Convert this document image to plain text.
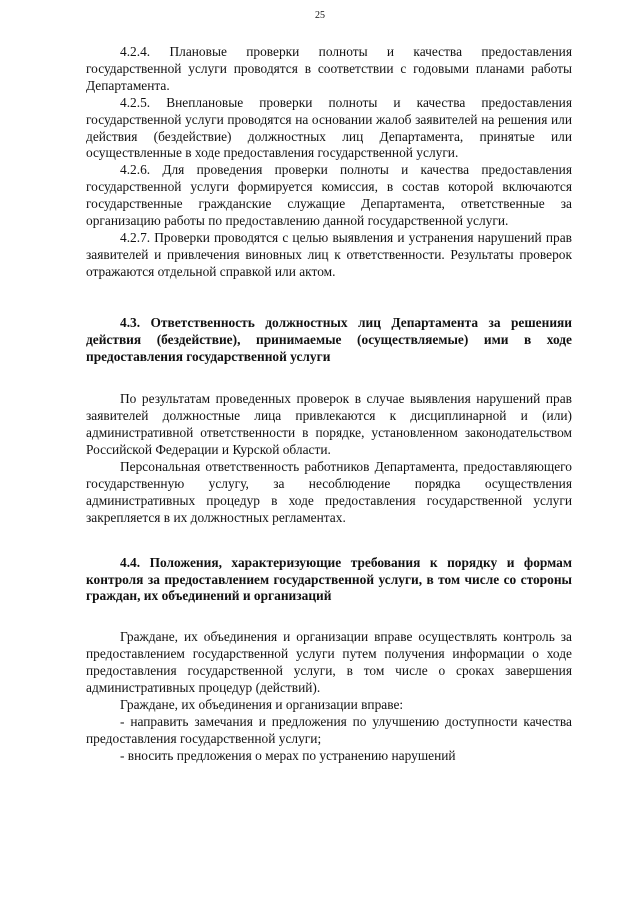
25

4.2.4. Плановые проверки полноты и качества предоставления государственной услуги проводятся в соответствии с годовыми планами работы Департамента.

4.2.5. Внеплановые проверки полноты и качества предоставления государственной услуги проводятся на основании жалоб заявителей на решения или действия (бездействие) должностных лиц Департамента, принятые или осуществленные в ходе предоставления государственной услуги.

4.2.6. Для проведения проверки полноты и качества предоставления государственной услуги формируется комиссия, в состав которой включаются государственные гражданские служащие Департамента, ответственные за организацию работы по предоставлению данной государственной услуги.

4.2.7. Проверки проводятся с целью выявления и устранения нарушений прав заявителей и привлечения виновных лиц к ответственности. Результаты проверок отражаются отдельной справкой или актом.

4.3. Ответственность должностных лиц Департамента за решенияи действия (бездействие), принимаемые (осуществляемые) ими в ходе предоставления государственной услуги

По результатам проведенных проверок в случае выявления нарушений прав заявителей должностные лица привлекаются к дисциплинарной и (или) административной ответственности в порядке, установленном законодательством Российской Федерации и Курской области.

Персональная ответственность работников Департамента, предоставляющего государственную услугу, за несоблюдение порядка осуществления административных процедур в ходе предоставления государственной услуги закрепляется в их должностных регламентах.

4.4. Положения, характеризующие требования к порядку и формам контроля за предоставлением государственной услуги, в том числе со стороны граждан, их объединений и организаций

Граждане, их объединения и организации вправе осуществлять контроль за предоставлением государственной услуги путем получения информации о ходе предоставления государственной услуги, в том числе о сроках завершения административных процедур (действий).

Граждане, их объединения и организации вправе:

- направить замечания и предложения по улучшению доступности качества предоставления государственной услуги;

- вносить предложения о мерах по устранению нарушений
